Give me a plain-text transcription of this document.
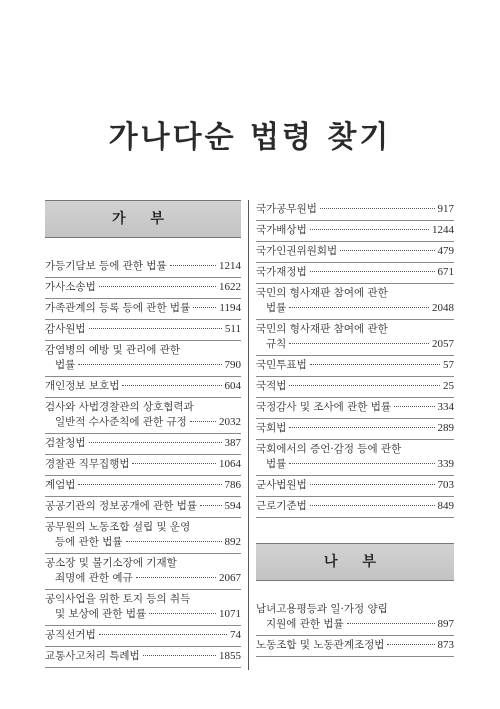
가나다순 법령 찾기
가 부
가등기담보 등에 관한 법률	1214
가사소송법	1622
가족관계의 등록 등에 관한 법률	1194
감사원법	511
감염병의 예방 및 관리에 관한
법률	790
개인정보 보호법	604
검사와 사법경찰관의 상호협력과
일반적 수사준칙에 관한 규정	2032
검찰청법	387
경찰관 직무집행법	1064
계엄법	786
공공기관의 정보공개에 관한 법률 594
공무원의 노동조합 설립 및 운영
등에 관한 법률	892
공소장 및 불기소장에 기재할
죄명에 관한 예규	2067
공익사업을 위한 토지 등의 취득
및 보상에 관한 법률	1071
공직선거법	74
교통사고처리 특례법	1855
국가공무원법	917
국가배상법	1244
국가인권위원회법	479
국가재정법	671
국민의 형사재판 참여에 관한
법률	2048
국민의 형사재판 참여에 관한
규칙	2057
국민투표법	57
국적법	25
국정감사 및 조사에 관한 법률	334
국회법	289
국회에서의 증언·감정 등에 관한
법률	339
군사법원법	703
근로기준법	849
나 부
남녀고용평등과 일·가정 양립
지원에 관한 법률	897
노동조합 및 노동관계조정법	873
